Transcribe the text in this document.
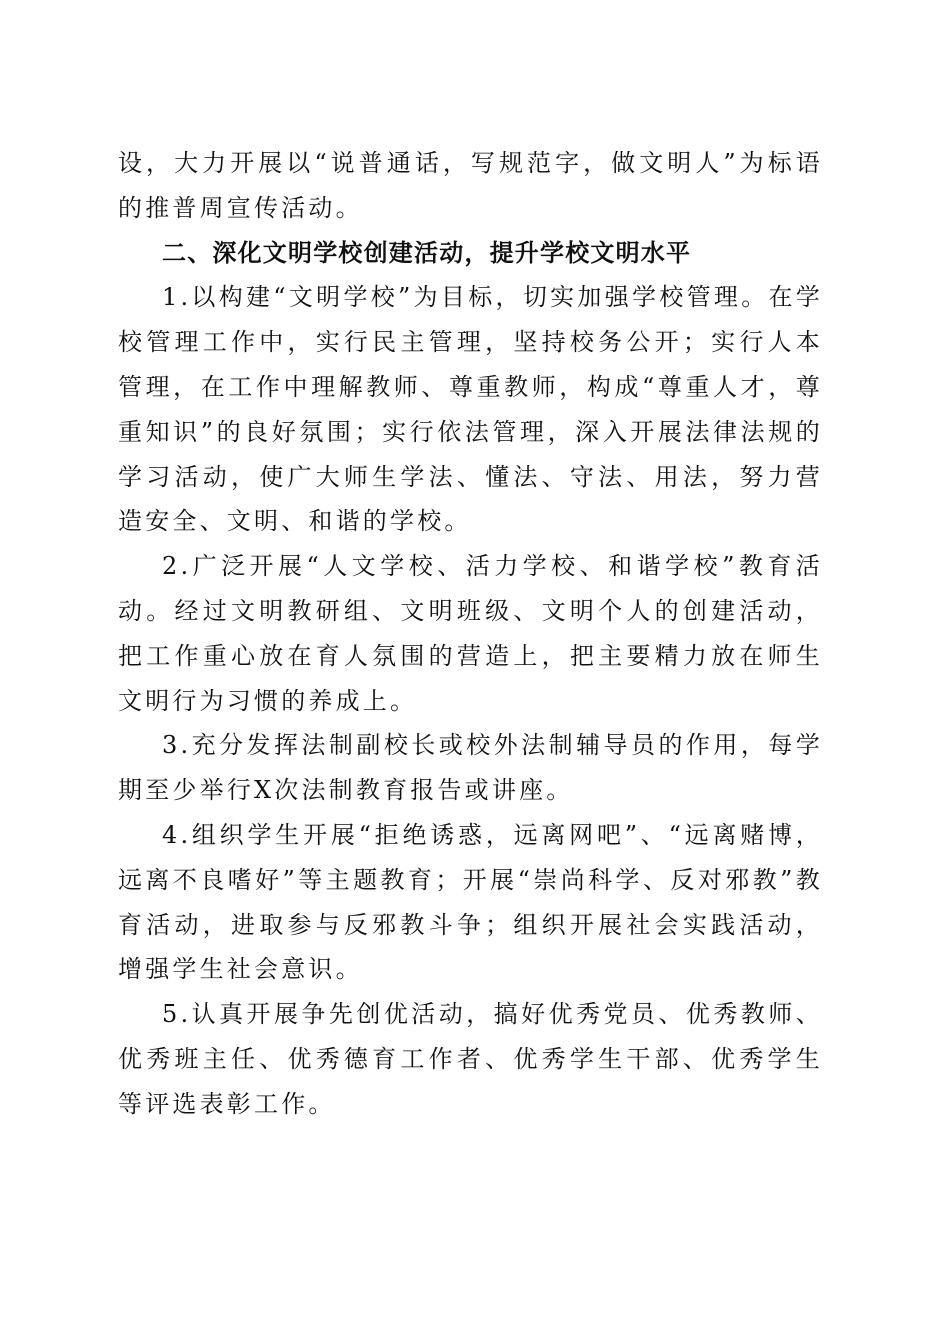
设，大力开展以“说普通话，写规范字，做文明人”为标语的推普周宣传活动。

二、深化文明学校创建活动，提升学校文明水平

1.以构建“文明学校”为目标，切实加强学校管理。在学校管理工作中，实行民主管理，坚持校务公开；实行人本管理，在工作中理解教师、尊重教师，构成“尊重人才，尊重知识”的良好氛围；实行依法管理，深入开展法律法规的学习活动，使广大师生学法、懂法、守法、用法，努力营造安全、文明、和谐的学校。

2.广泛开展“人文学校、活力学校、和谐学校”教育活动。经过文明教研组、文明班级、文明个人的创建活动，把工作重心放在育人氛围的营造上，把主要精力放在师生文明行为习惯的养成上。

3.充分发挥法制副校长或校外法制辅导员的作用，每学期至少举行X次法制教育报告或讲座。

4.组织学生开展“拒绝诱惑，远离网吧”、“远离赌博，远离不良嗜好”等主题教育；开展“崇尚科学、反对邪教”教育活动，进取参与反邪教斗争；组织开展社会实践活动，增强学生社会意识。

5.认真开展争先创优活动，搞好优秀党员、优秀教师、优秀班主任、优秀德育工作者、优秀学生干部、优秀学生等评选表彰工作。
